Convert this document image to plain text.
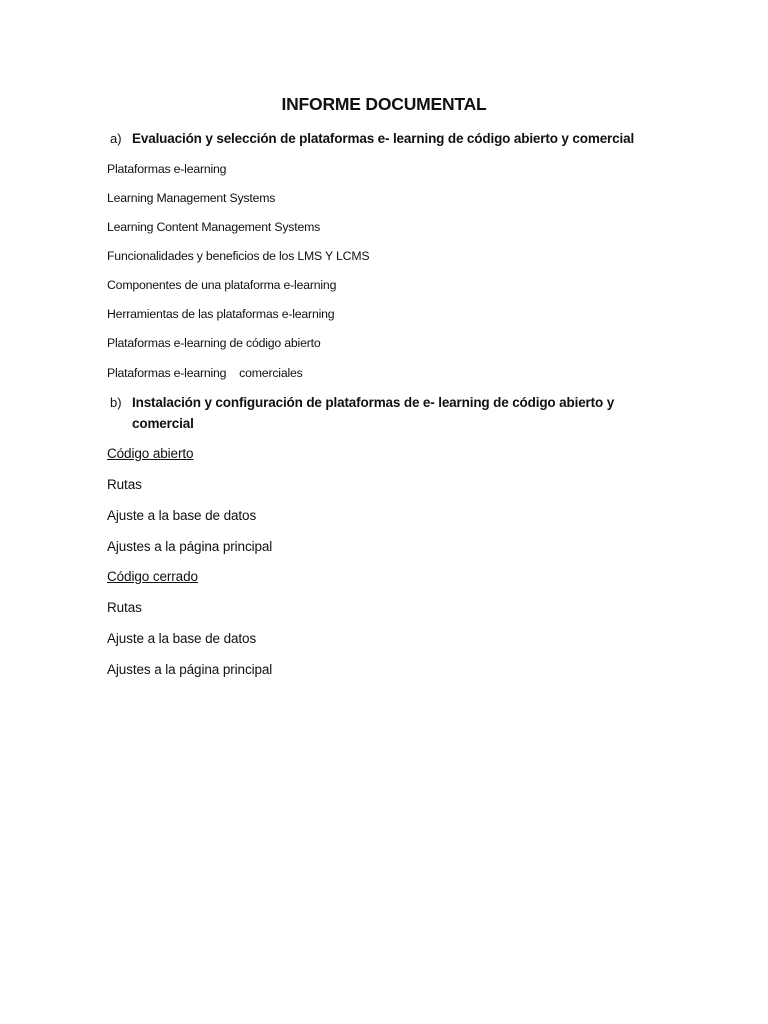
INFORME DOCUMENTAL
a) Evaluación y selección de plataformas e- learning de código abierto y comercial
Plataformas e-learning
Learning Management Systems
Learning Content Management Systems
Funcionalidades y beneficios de los LMS Y LCMS
Componentes de una plataforma e-learning
Herramientas de las plataformas e-learning
Plataformas e-learning de código abierto
Plataformas e-learning    comerciales
b) Instalación y configuración de plataformas de e- learning de código abierto y
comercial
Código abierto
Rutas
Ajuste a la base de datos
Ajustes a la página principal
Código cerrado
Rutas
Ajuste a la base de datos
Ajustes a la página principal
